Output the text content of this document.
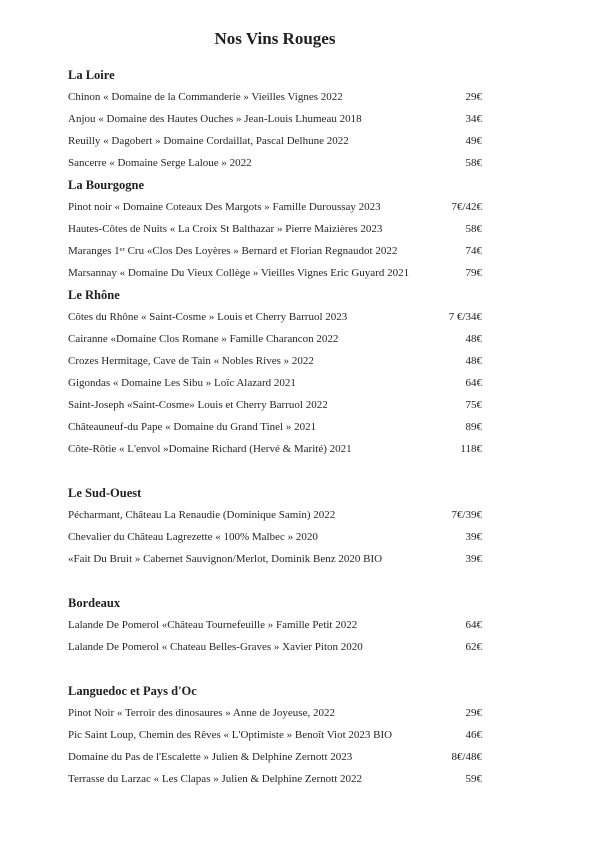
Nos Vins Rouges
La Loire
Chinon « Domaine de la Commanderie » Vieilles Vignes 2022	29€
Anjou « Domaine des Hautes Ouches » Jean-Louis Lhumeau 2018	34€
Reuilly « Dagobert » Domaine Cordaillat, Pascal Delhune 2022	49€
Sancerre « Domaine Serge Laloue » 2022	58€
La Bourgogne
Pinot noir « Domaine Coteaux Des Margots » Famille Duroussay 2023	7€/42€
Hautes-Côtes de Nuits « La Croix St Balthazar » Pierre Maizières 2023	58€
Maranges 1ᵉʳ Cru «Clos Des Loyères » Bernard et Florian Regnaudot 2022	74€
Marsannay « Domaine Du Vieux Collège » Vieilles Vignes Eric Guyard 2021	79€
Le Rhône
Côtes du Rhône « Saint-Cosme » Louis et Cherry Barruol 2023	7 €/34€
Cairanne «Domaine Clos Romane » Famille Charancon 2022	48€
Crozes Hermitage, Cave de Tain « Nobles Rives » 2022	48€
Gigondas « Domaine Les Sibu » Loïc Alazard 2021	64€
Saint-Joseph «Saint-Cosme» Louis et Cherry Barruol 2022	75€
Châteauneuf-du Pape « Domaine du Grand Tinel » 2021	89€
Côte-Rôtie « L'envol »Domaine Richard (Hervé & Marité) 2021	118€
Le Sud-Ouest
Pécharmant, Château La Renaudie (Dominique Samin) 2022	7€/39€
Chevalier du Château Lagrezette « 100% Malbec » 2020	39€
«Fait Du Bruit » Cabernet Sauvignon/Merlot, Dominik Benz 2020 BIO	39€
Bordeaux
Lalande De Pomerol «Château Tournefeuille » Famille Petit 2022	64€
Lalande De Pomerol « Chateau Belles-Graves » Xavier Piton 2020	62€
Languedoc et Pays d'Oc
Pinot Noir « Terroir des dinosaures » Anne de Joyeuse, 2022	29€
Pic Saint Loup, Chemin des Rêves « L'Optimiste » Benoît Viot 2023 BIO	46€
Domaine du Pas de l'Escalette » Julien & Delphine Zernott 2023	8€/48€
Terrasse du Larzac « Les Clapas » Julien & Delphine Zernott 2022	59€
